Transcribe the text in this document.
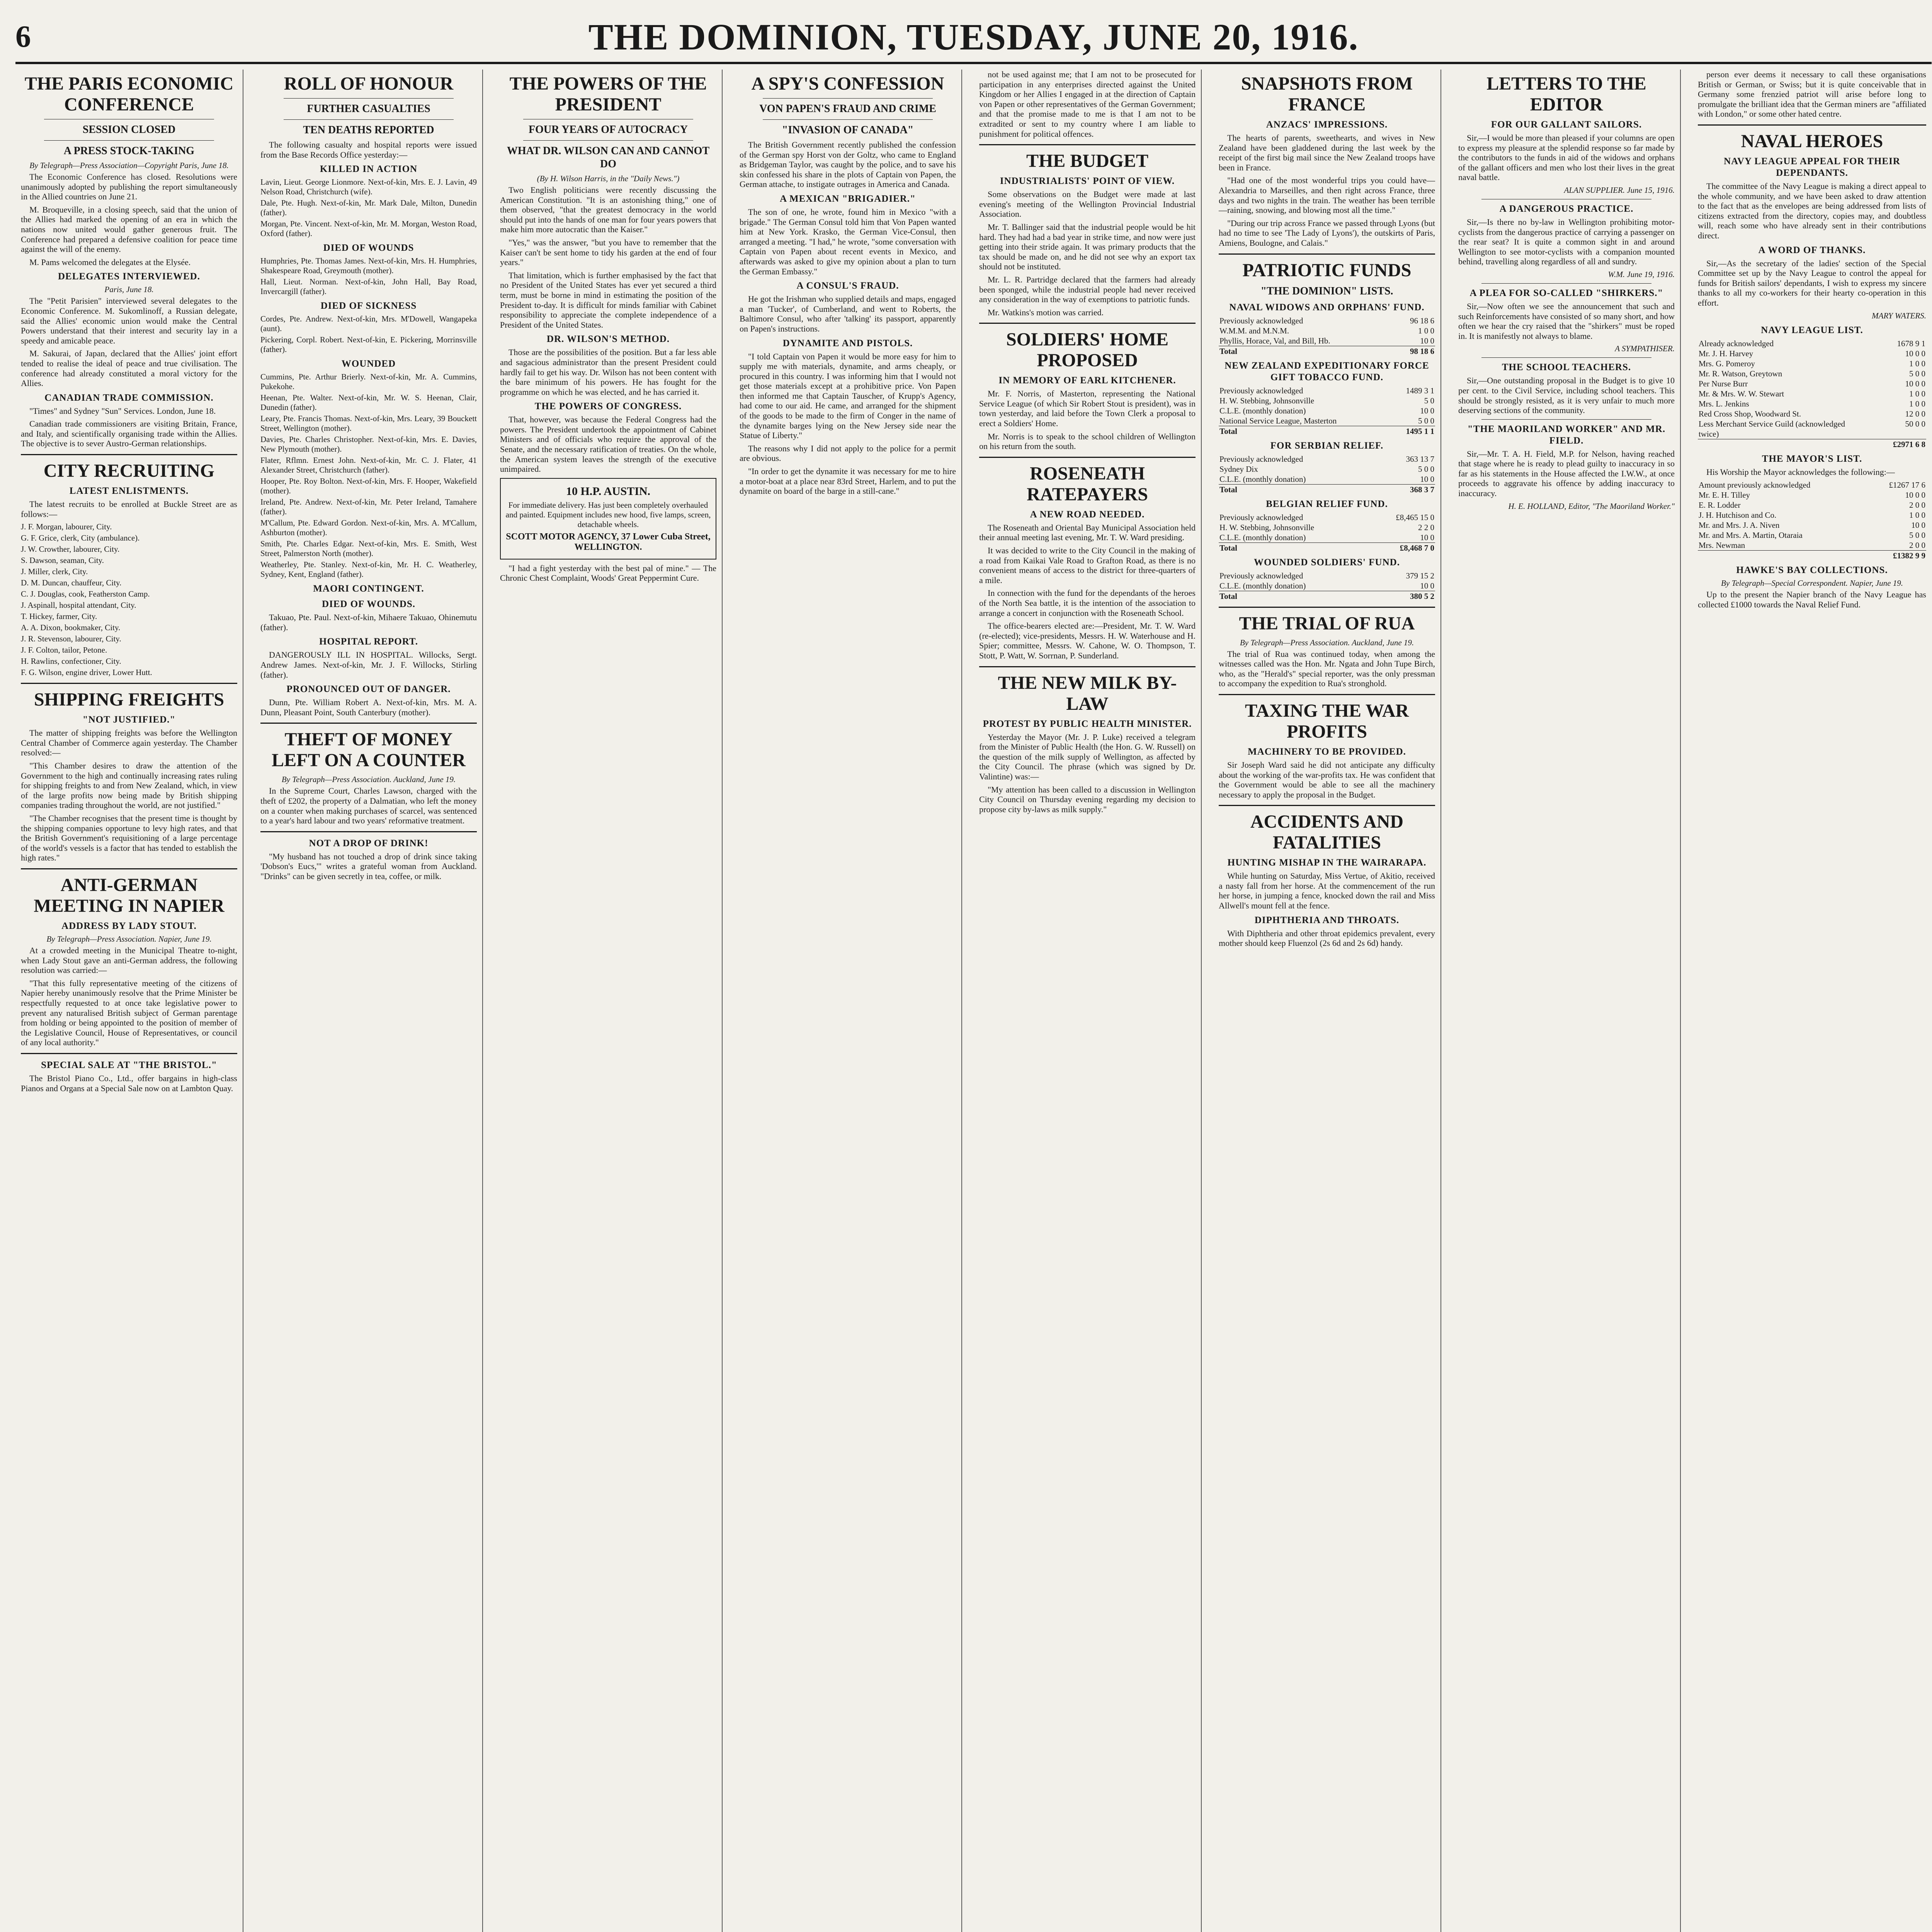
6	THE DOMINION, TUESDAY, JUNE 20, 1916.
THE PARIS ECONOMIC CONFERENCE
SESSION CLOSED
A PRESS STOCK-TAKING

By Telegraph—Press Association—Copyright Paris, June 18.

The Economic Conference has closed. Resolutions were unanimously adopted by publishing the report simultaneously in the Allied countries on June 21.

M. Broqueville, in a closing speech, said that the union of the Allies had marked the opening of an era in which the nations now united would gather generous fruit. The Conference had prepared a defensive coalition for peace time against the will of the enemy.

M. Pams welcomed the delegates at the Elysée.

DELEGATES INTERVIEWED.

Paris, June 18.

The "Petit Parisien" interviewed several delegates to the Economic Conference. M. Sukomlinoff, a Russian delegate, said the Allies' economic union would make the Central Powers understand that their interest and security lay in a speedy and amicable peace.

M. Sakurai, of Japan, declared that the Allies' joint effort tended to realise the ideal of peace and true civilisation. The conference had already constituted a moral victory for the Allies.

CANADIAN TRADE COMMISSION.

"Times" and Sydney "Sun" Services. London, June 18.

Canadian trade commissioners are visiting Britain, France, and Italy, and scientifically organising trade within the Allies. The objective is to sever Austro-German relationships.

CITY RECRUITING
LATEST ENLISTMENTS.

The latest recruits to be enrolled at Buckle Street are as follows:—

J. F. Morgan, labourer, City.
G. F. Grice, clerk, City (ambulance).
J. W. Crowther, labourer, City.
S. Dawson, seaman, City.
J. Miller, clerk, City.
D. M. Duncan, chauffeur, City.
C. J. Douglas, cook, Featherston Camp.
J. Aspinall, hospital attendant, City.
T. Hickey, farmer, City.
A. A. Dixon, bookmaker, City.
J. R. Stevenson, labourer, City.
J. F. Colton, tailor, Petone.
H. Rawlins, confectioner, City.
F. G. Wilson, engine driver, Lower Hutt.
SHIPPING FREIGHTS
"NOT JUSTIFIED."

The matter of shipping freights was before the Wellington Central Chamber of Commerce again yesterday. The Chamber resolved:—

"This Chamber desires to draw the attention of the Government to the high and continually increasing rates ruling for shipping freights to and from New Zealand, which, in view of the large profits now being made by British shipping companies trading throughout the world, are not justified."

"The Chamber recognises that the present time is thought by the shipping companies opportune to levy high rates, and that the British Government's requisitioning of a large percentage of the world's vessels is a factor that has tended to establish the high rates."

ANTI-GERMAN MEETING IN NAPIER
ADDRESS BY LADY STOUT.

By Telegraph—Press Association. Napier, June 19.

At a crowded meeting in the Municipal Theatre to-night, when Lady Stout gave an anti-German address, the following resolution was carried:—

"That this fully representative meeting of the citizens of Napier hereby unanimously resolve that the Prime Minister be respectfully requested to at once take legislative power to prevent any naturalised British subject of German parentage from holding or being appointed to the position of member of the Legislative Council, House of Representatives, or council of any local authority."

SPECIAL SALE AT "THE BRISTOL."

The Bristol Piano Co., Ltd., offer bargains in high-class Pianos and Organs at a Special Sale now on at Lambton Quay.

ROLL OF HONOUR
FURTHER CASUALTIES
TEN DEATHS REPORTED

The following casualty and hospital reports were issued from the Base Records Office yesterday:—

KILLED IN ACTION
Lavin, Lieut. George Lionmore. Next-of-kin, Mrs. E. J. Lavin, 49 Nelson Road, Christchurch (wife).
Dale, Pte. Hugh. Next-of-kin, Mr. Mark Dale, Milton, Dunedin (father).
Morgan, Pte. Vincent. Next-of-kin, Mr. M. Morgan, Weston Road, Oxford (father).
DIED OF WOUNDS
Humphries, Pte. Thomas James. Next-of-kin, Mrs. H. Humphries, Shakespeare Road, Greymouth (mother).
Hall, Lieut. Norman. Next-of-kin, John Hall, Bay Road, Invercargill (father).
DIED OF SICKNESS
Cordes, Pte. Andrew. Next-of-kin, Mrs. M'Dowell, Wangapeka (aunt).
Pickering, Corpl. Robert. Next-of-kin, E. Pickering, Morrinsville (father).
WOUNDED
Cummins, Pte. Arthur Brierly. Next-of-kin, Mr. A. Cummins, Pukekohe.
Heenan, Pte. Walter. Next-of-kin, Mr. W. S. Heenan, Clair, Dunedin (father).
Leary, Pte. Francis Thomas. Next-of-kin, Mrs. Leary, 39 Bouckett Street, Wellington (mother).
Davies, Pte. Charles Christopher. Next-of-kin, Mrs. E. Davies, New Plymouth (mother).
Flater, Rflmn. Ernest John. Next-of-kin, Mr. C. J. Flater, 41 Alexander Street, Christchurch (father).
Hooper, Pte. Roy Bolton. Next-of-kin, Mrs. F. Hooper, Wakefield (mother).
Ireland, Pte. Andrew. Next-of-kin, Mr. Peter Ireland, Tamahere (father).
M'Callum, Pte. Edward Gordon. Next-of-kin, Mrs. A. M'Callum, Ashburton (mother).
Smith, Pte. Charles Edgar. Next-of-kin, Mrs. E. Smith, West Street, Palmerston North (mother).
Weatherley, Pte. Stanley. Next-of-kin, Mr. H. C. Weatherley, Sydney, Kent, England (father).
MAORI CONTINGENT.
DIED OF WOUNDS.

Takuao, Pte. Paul. Next-of-kin, Mihaere Takuao, Ohinemutu (father).

HOSPITAL REPORT.

DANGEROUSLY ILL IN HOSPITAL. Willocks, Sergt. Andrew James. Next-of-kin, Mr. J. F. Willocks, Stirling (father).

PRONOUNCED OUT OF DANGER.

Dunn, Pte. William Robert A. Next-of-kin, Mrs. M. A. Dunn, Pleasant Point, South Canterbury (mother).

THEFT OF MONEY LEFT ON A COUNTER

By Telegraph—Press Association. Auckland, June 19.

In the Supreme Court, Charles Lawson, charged with the theft of £202, the property of a Dalmatian, who left the money on a counter when making purchases of scarcel, was sentenced to a year's hard labour and two years' reformative treatment.

NOT A DROP OF DRINK!

"My husband has not touched a drop of drink since taking 'Dobson's Eucs,'" writes a grateful woman from Auckland. "Drinks" can be given secretly in tea, coffee, or milk.

THE POWERS OF THE PRESIDENT
FOUR YEARS OF AUTOCRACY
WHAT DR. WILSON CAN AND CANNOT DO

(By H. Wilson Harris, in the "Daily News.")

Two English politicians were recently discussing the American Constitution. "It is an astonishing thing," one of them observed, "that the greatest democracy in the world should put into the hands of one man for four years powers that make him more autocratic than the Kaiser."

"Yes," was the answer, "but you have to remember that the Kaiser can't be sent home to tidy his garden at the end of four years."

That limitation, which is further emphasised by the fact that no President of the United States has ever yet secured a third term, must be borne in mind in estimating the position of the President to-day. It is difficult for minds familiar with Cabinet responsibility to appreciate the complete independence of a President of the United States.

DR. WILSON'S METHOD.

Those are the possibilities of the position. But a far less able and sagacious administrator than the present President could hardly fail to get his way. Dr. Wilson has not been content with the bare minimum of his powers. He has fought for the programme on which he was elected, and he has carried it.

THE POWERS OF CONGRESS.

That, however, was because the Federal Congress had the powers. The President undertook the appointment of Cabinet Ministers and of officials who require the approval of the Senate, and the necessary ratification of treaties. On the whole, the American system leaves the strength of the executive unimpaired.

10 H.P. AUSTIN.
For immediate delivery. Has just been completely overhauled and painted. Equipment includes new hood, five lamps, screen, detachable wheels.
SCOTT MOTOR AGENCY, 37 Lower Cuba Street, WELLINGTON.

"I had a fight yesterday with the best pal of mine." — The Chronic Chest Complaint, Woods' Great Peppermint Cure.

A SPY'S CONFESSION
VON PAPEN'S FRAUD AND CRIME
"INVASION OF CANADA"

The British Government recently published the confession of the German spy Horst von der Goltz, who came to England as Bridgeman Taylor, was caught by the police, and to save his skin confessed his share in the plots of Captain von Papen, the German attache, to instigate outrages in America and Canada.

A MEXICAN "BRIGADIER."

The son of one, he wrote, found him in Mexico "with a brigade." The German Consul told him that Von Papen wanted him at New York. Krasko, the German Vice-Consul, then arranged a meeting. "I had," he wrote, "some conversation with Captain von Papen about recent events in Mexico, and afterwards was asked to give my opinion about a plan to turn the German Embassy."

A CONSUL'S FRAUD.

He got the Irishman who supplied details and maps, engaged a man 'Tucker', of Cumberland, and went to Roberts, the Baltimore Consul, who after 'talking' its passport, apparently on Papen's instructions.

DYNAMITE AND PISTOLS.

"I told Captain von Papen it would be more easy for him to supply me with materials, dynamite, and arms cheaply, or procured in this country. I was informing him that I would not get those materials except at a prohibitive price. Von Papen then informed me that Captain Tauscher, of Krupp's Agency, had come to our aid. He came, and arranged for the shipment of the goods to be made to the firm of Conger in the name of the dynamite barges lying on the New Jersey side near the Statue of Liberty."

The reasons why I did not apply to the police for a permit are obvious.

"In order to get the dynamite it was necessary for me to hire a motor-boat at a place near 83rd Street, Harlem, and to put the dynamite on board of the barge in a still-cane."

not be used against me; that I am not to be prosecuted for participation in any enterprises directed against the United Kingdom or her Allies I engaged in at the direction of Captain von Papen or other representatives of the German Government; and that the promise made to me is that I am not to be extradited or sent to my country where I am liable to punishment for political offences.

THE BUDGET
INDUSTRIALISTS' POINT OF VIEW.

Some observations on the Budget were made at last evening's meeting of the Wellington Provincial Industrial Association.

Mr. T. Ballinger said that the industrial people would be hit hard. They had had a bad year in strike time, and now were just getting into their stride again. It was primary products that the tax should be made on, and he did not see why an export tax should not be instituted.

Mr. L. R. Partridge declared that the farmers had already been sponged, while the industrial people had never received any consideration in the way of exemptions to patriotic funds.

Mr. Watkins's motion was carried.

SOLDIERS' HOME PROPOSED
IN MEMORY OF EARL KITCHENER.

Mr. F. Norris, of Masterton, representing the National Service League (of which Sir Robert Stout is president), was in town yesterday, and laid before the Town Clerk a proposal to erect a Soldiers' Home.

Mr. Norris is to speak to the school children of Wellington on his return from the south.

ROSENEATH RATEPAYERS
A NEW ROAD NEEDED.

The Roseneath and Oriental Bay Municipal Association held their annual meeting last evening, Mr. T. W. Ward presiding.

It was decided to write to the City Council in the making of a road from Kaikai Vale Road to Grafton Road, as there is no convenient means of access to the district for three-quarters of a mile.

In connection with the fund for the dependants of the heroes of the North Sea battle, it is the intention of the association to arrange a concert in conjunction with the Roseneath School.

The office-bearers elected are:—President, Mr. T. W. Ward (re-elected); vice-presidents, Messrs. H. W. Waterhouse and H. Spier; committee, Messrs. W. Cahone, W. O. Thompson, T. Stott, P. Watt, W. Sorrnan, P. Sunderland.

THE NEW MILK BY-LAW
PROTEST BY PUBLIC HEALTH MINISTER.

Yesterday the Mayor (Mr. J. P. Luke) received a telegram from the Minister of Public Health (the Hon. G. W. Russell) on the question of the milk supply of Wellington, as affected by the City Council. The phrase (which was signed by Dr. Valintine) was:—

"My attention has been called to a discussion in Wellington City Council on Thursday evening regarding my decision to propose city by-laws as milk supply."

SNAPSHOTS FROM FRANCE
ANZACS' IMPRESSIONS.

The hearts of parents, sweethearts, and wives in New Zealand have been gladdened during the last week by the receipt of the first big mail since the New Zealand troops have been in France.

"Had one of the most wonderful trips you could have—Alexandria to Marseilles, and then right across France, three days and two nights in the train. The weather has been terrible—raining, snowing, and blowing most all the time."

"During our trip across France we passed through Lyons (but had no time to see 'The Lady of Lyons'), the outskirts of Paris, Amiens, Boulogne, and Calais."

PATRIOTIC FUNDS
"THE DOMINION" LISTS.
NAVAL WIDOWS AND ORPHANS' FUND.
Previously acknowledged	96 18 6
W.M.M. and M.N.M.	1 0 0
Phyllis, Horace, Val, and Bill, Hb.	10 0
Total	98 18 6
NEW ZEALAND EXPEDITIONARY FORCE GIFT TOBACCO FUND.
Previously acknowledged	1489 3 1
H. W. Stebbing, Johnsonville	5 0
C.L.E. (monthly donation)	10 0
National Service League, Masterton	5 0 0
Total	1495 1 1
FOR SERBIAN RELIEF.
Previously acknowledged	363 13 7
Sydney Dix	5 0 0
C.L.E. (monthly donation)	10 0
Total	368 3 7
BELGIAN RELIEF FUND.
Previously acknowledged	£8,465 15 0
H. W. Stebbing, Johnsonville	2 2 0
C.L.E. (monthly donation)	10 0
Total	£8,468 7 0
WOUNDED SOLDIERS' FUND.
Previously acknowledged	379 15 2
C.L.E. (monthly donation)	10 0
Total	380 5 2
THE TRIAL OF RUA

By Telegraph—Press Association. Auckland, June 19.

The trial of Rua was continued today, when among the witnesses called was the Hon. Mr. Ngata and John Tupe Birch, who, as the "Herald's" special reporter, was the only pressman to accompany the expedition to Rua's stronghold.

TAXING THE WAR PROFITS
MACHINERY TO BE PROVIDED.

Sir Joseph Ward said he did not anticipate any difficulty about the working of the war-profits tax. He was confident that the Government would be able to see all the machinery necessary to apply the proposal in the Budget.

ACCIDENTS AND FATALITIES
HUNTING MISHAP IN THE WAIRARAPA.

While hunting on Saturday, Miss Vertue, of Akitio, received a nasty fall from her horse. At the commencement of the run her horse, in jumping a fence, knocked down the rail and Miss Allwell's mount fell at the fence.

DIPHTHERIA AND THROATS.

With Diphtheria and other throat epidemics prevalent, every mother should keep Fluenzol (2s 6d and 2s 6d) handy.

LETTERS TO THE EDITOR
FOR OUR GALLANT SAILORS.

Sir,—I would be more than pleased if your columns are open to express my pleasure at the splendid response so far made by the contributors to the funds in aid of the widows and orphans of the gallant officers and men who lost their lives in the great naval battle.

ALAN SUPPLIER. June 15, 1916.

A DANGEROUS PRACTICE.

Sir,—Is there no by-law in Wellington prohibiting motor-cyclists from the dangerous practice of carrying a passenger on the rear seat? It is quite a common sight in and around Wellington to see motor-cyclists with a companion mounted behind, travelling along regardless of all and sundry.

W.M. June 19, 1916.

A PLEA FOR SO-CALLED "SHIRKERS."

Sir,—Now often we see the announcement that such and such Reinforcements have consisted of so many short, and how often we hear the cry raised that the "shirkers" must be roped in. It is manifestly not always to blame.

A SYMPATHISER.

THE SCHOOL TEACHERS.

Sir,—One outstanding proposal in the Budget is to give 10 per cent. to the Civil Service, including school teachers. This should be strongly resisted, as it is very unfair to much more deserving sections of the community.

"THE MAORILAND WORKER" AND MR. FIELD.

Sir,—Mr. T. A. H. Field, M.P. for Nelson, having reached that stage where he is ready to plead guilty to inaccuracy in so far as his statements in the House affected the I.W.W., at once proceeds to aggravate his offence by adding inaccuracy to inaccuracy.

H. E. HOLLAND, Editor, "The Maoriland Worker."

person ever deems it necessary to call these organisations British or German, or Swiss; but it is quite conceivable that in Germany some frenzied patriot will arise before long to promulgate the brilliant idea that the German miners are "affiliated with London," or some other hated centre.

NAVAL HEROES
NAVY LEAGUE APPEAL FOR THEIR DEPENDANTS.

The committee of the Navy League is making a direct appeal to the whole community, and we have been asked to draw attention to the fact that as the envelopes are being addressed from lists of citizens extracted from the directory, copies may, and doubtless will, reach some who have already sent in their contributions direct.

A WORD OF THANKS.

Sir,—As the secretary of the ladies' section of the Special Committee set up by the Navy League to control the appeal for funds for British sailors' dependants, I wish to express my sincere thanks to all my co-workers for their hearty co-operation in this effort.

MARY WATERS.

NAVY LEAGUE LIST.
Already acknowledged	1678 9 1
Mr. J. H. Harvey	10 0 0
Mrs. G. Pomeroy	1 0 0
Mr. R. Watson, Greytown	5 0 0
Per Nurse Burr	10 0 0
Mr. & Mrs. W. W. Stewart	1 0 0
Mrs. L. Jenkins	1 0 0
Red Cross Shop, Woodward St.	12 0 0
Less Merchant Service Guild (acknowledged twice)	50 0 0
	£2971 6 8
THE MAYOR'S LIST.

His Worship the Mayor acknowledges the following:—

Amount previously acknowledged	£1267 17 6
Mr. E. H. Tilley	10 0 0
E. R. Lodder	2 0 0
J. H. Hutchison and Co.	1 0 0
Mr. and Mrs. J. A. Niven	10 0
Mr. and Mrs. A. Martin, Otaraia	5 0 0
Mrs. Newman	2 0 0
	£1382 9 9
HAWKE'S BAY COLLECTIONS.

By Telegraph—Special Correspondent. Napier, June 19.

Up to the present the Napier branch of the Navy League has collected £1000 towards the Naval Relief Fund.
